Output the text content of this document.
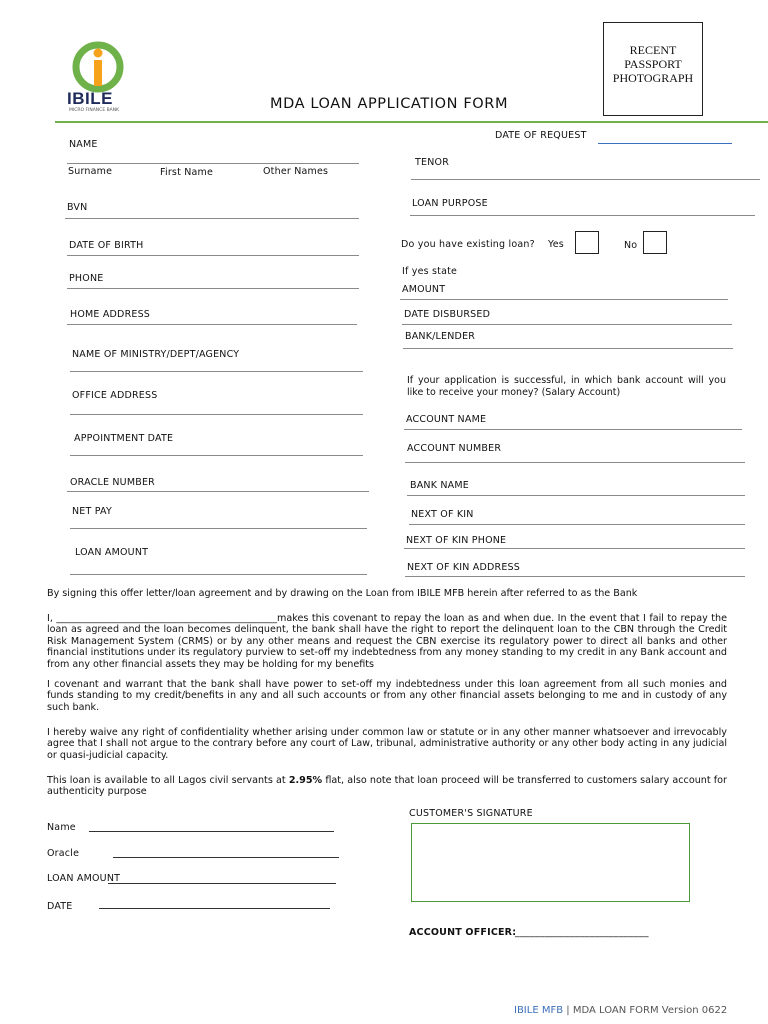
IBILE
MICRO FINANCE BANK	MDA LOAN APPLICATION FORM
RECENT
PASSPORT
PHOTOGRAPH
NAME
Surname	First Name	Other Names
BVN
DATE OF BIRTH
PHONE
HOME ADDRESS
NAME OF MINISTRY/DEPT/AGENCY
OFFICE ADDRESS
APPOINTMENT DATE
ORACLE NUMBER
NET PAY
LOAN AMOUNT
DATE OF REQUEST
TENOR
LOAN PURPOSE
Do you have existing loan? Yes	No
If yes state
AMOUNT
DATE DISBURSED
BANK/LENDER
If your application is successful, in which bank account will you like to receive your money? (Salary Account)
ACCOUNT NAME
ACCOUNT NUMBER
BANK NAME
NEXT OF KIN
NEXT OF KIN PHONE
NEXT OF KIN ADDRESS
By signing this offer letter/loan agreement and by drawing on the Loan from IBILE MFB herein after referred to as the Bank
I, ______________________________________________makes this covenant to repay the loan as and when due. In the event that I fail to repay the loan as agreed and the loan becomes delinquent, the bank shall have the right to report the delinquent loan to the CBN through the Credit Risk Management System (CRMS) or by any other means and request the CBN exercise its regulatory power to direct all banks and other financial institutions under its regulatory purview to set-off my indebtedness from any money standing to my credit in any Bank account and from any other financial assets they may be holding for my benefits
I covenant and warrant that the bank shall have power to set-off my indebtedness under this loan agreement from all such monies and funds standing to my credit/benefits in any and all such accounts or from any other financial assets belonging to me and in custody of any such bank.
I hereby waive any right of confidentiality whether arising under common law or statute or in any other manner whatsoever and irrevocably agree that I shall not argue to the contrary before any court of Law, tribunal, administrative authority or any other body acting in any judicial or quasi-judicial capacity.
This loan is available to all Lagos civil servants at 2.95% flat, also note that loan proceed will be transferred to customers salary account for authenticity purpose
Name
Oracle
LOAN AMOUNT
DATE
CUSTOMER'S SIGNATURE
ACCOUNT OFFICER:
___________________________
IBILE MFB | MDA LOAN FORM Version 0622
